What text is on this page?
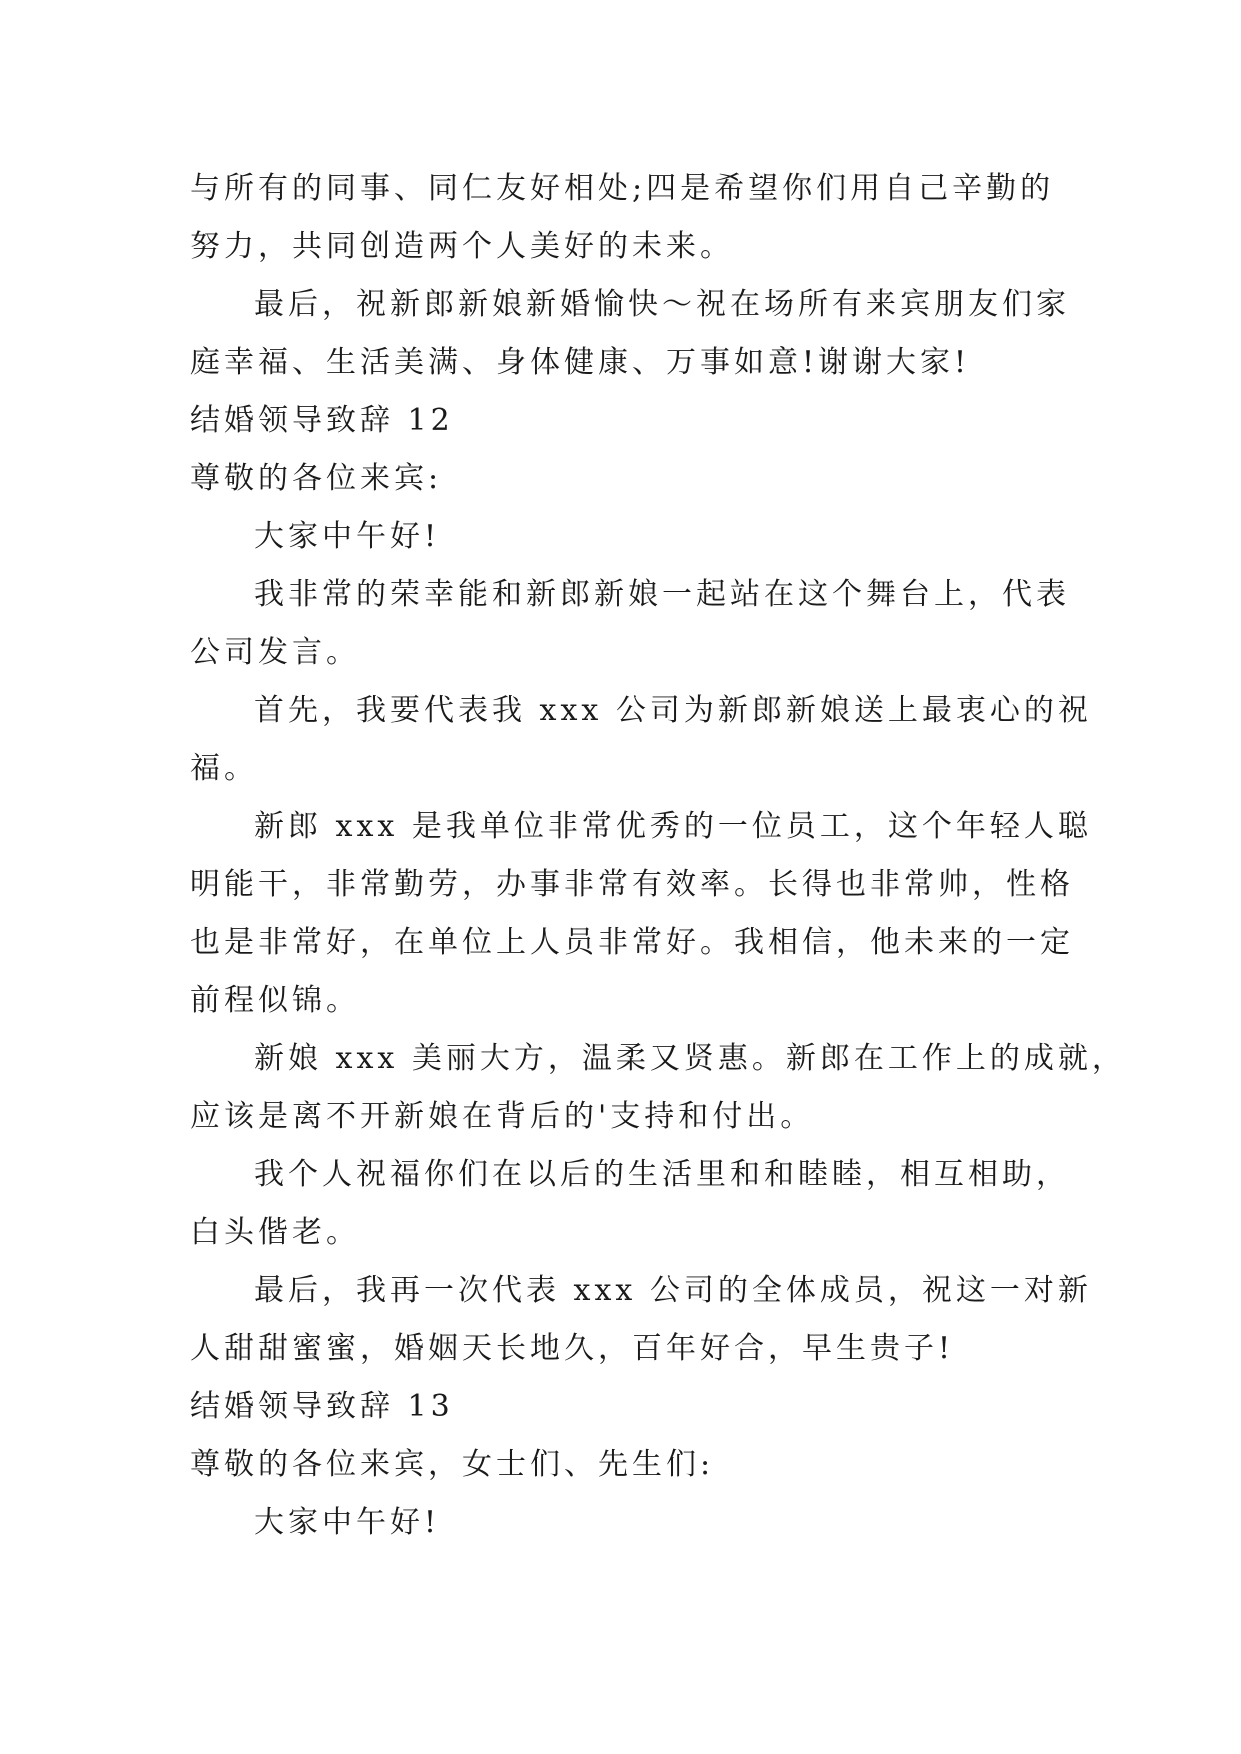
与所有的同事、同仁友好相处;四是希望你们用自己辛勤的
努力，共同创造两个人美好的未来。
最后，祝新郎新娘新婚愉快～祝在场所有来宾朋友们家
庭幸福、生活美满、身体健康、万事如意!谢谢大家!
结婚领导致辞 12
尊敬的各位来宾:
大家中午好!
我非常的荣幸能和新郎新娘一起站在这个舞台上，代表
公司发言。
首先，我要代表我 xxx 公司为新郎新娘送上最衷心的祝
福。
新郎 xxx 是我单位非常优秀的一位员工，这个年轻人聪
明能干，非常勤劳，办事非常有效率。长得也非常帅，性格
也是非常好，在单位上人员非常好。我相信，他未来的一定
前程似锦。
新娘 xxx 美丽大方，温柔又贤惠。新郎在工作上的成就，
应该是离不开新娘在背后的'支持和付出。
我个人祝福你们在以后的生活里和和睦睦，相互相助，
白头偕老。
最后，我再一次代表 xxx 公司的全体成员，祝这一对新
人甜甜蜜蜜，婚姻天长地久，百年好合，早生贵子!
结婚领导致辞 13
尊敬的各位来宾，女士们、先生们:
大家中午好!
